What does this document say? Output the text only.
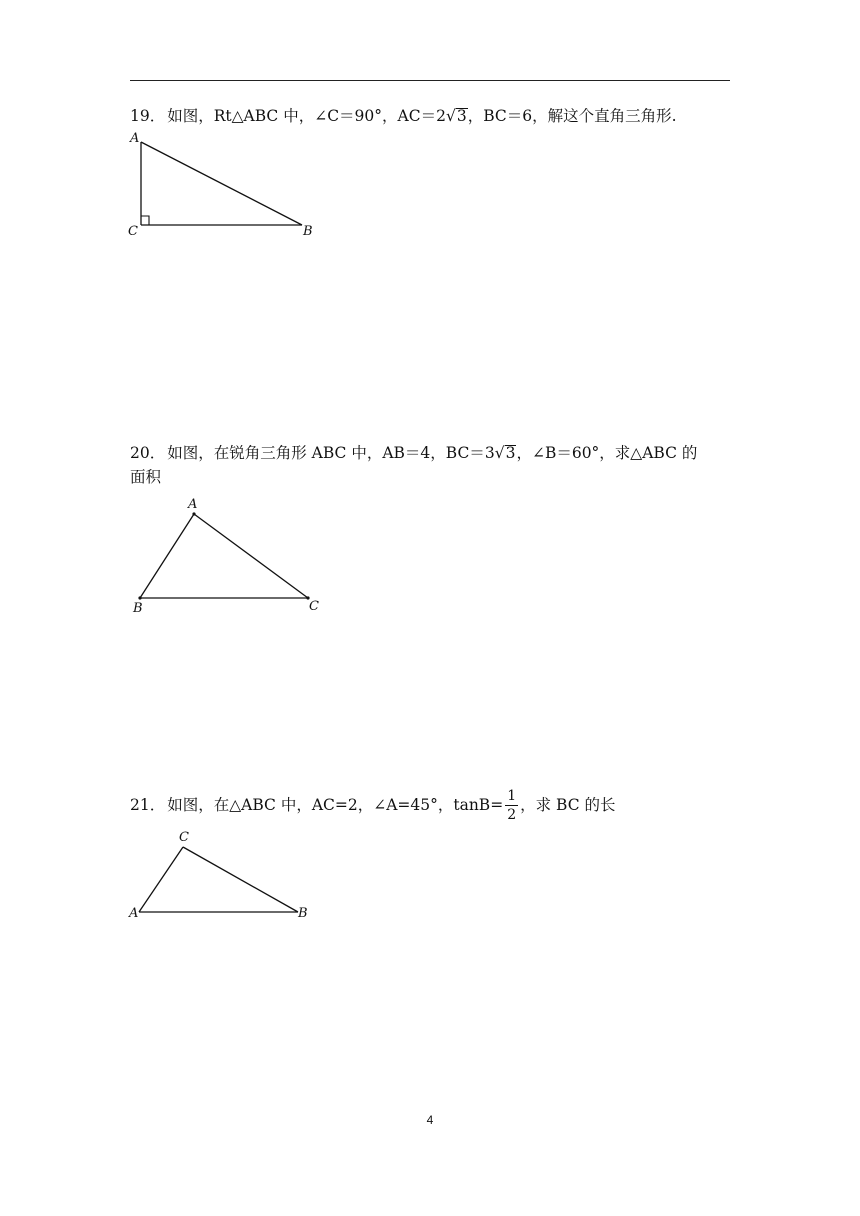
19． 如图，Rt△ABC 中，∠C＝90°，AC＝2√3，BC＝6，解这个直角三角形.
A
C	B
20． 如图，在锐角三角形 ABC 中，AB＝4，BC＝3√3，∠B＝60°，求△ABC 的
面积
A
B	C
21． 如图，在△ABC 中，AC=2，∠A=45°，$\tan B= \frac{1}{2}$ ，求 BC 的长
C
A	B
4
